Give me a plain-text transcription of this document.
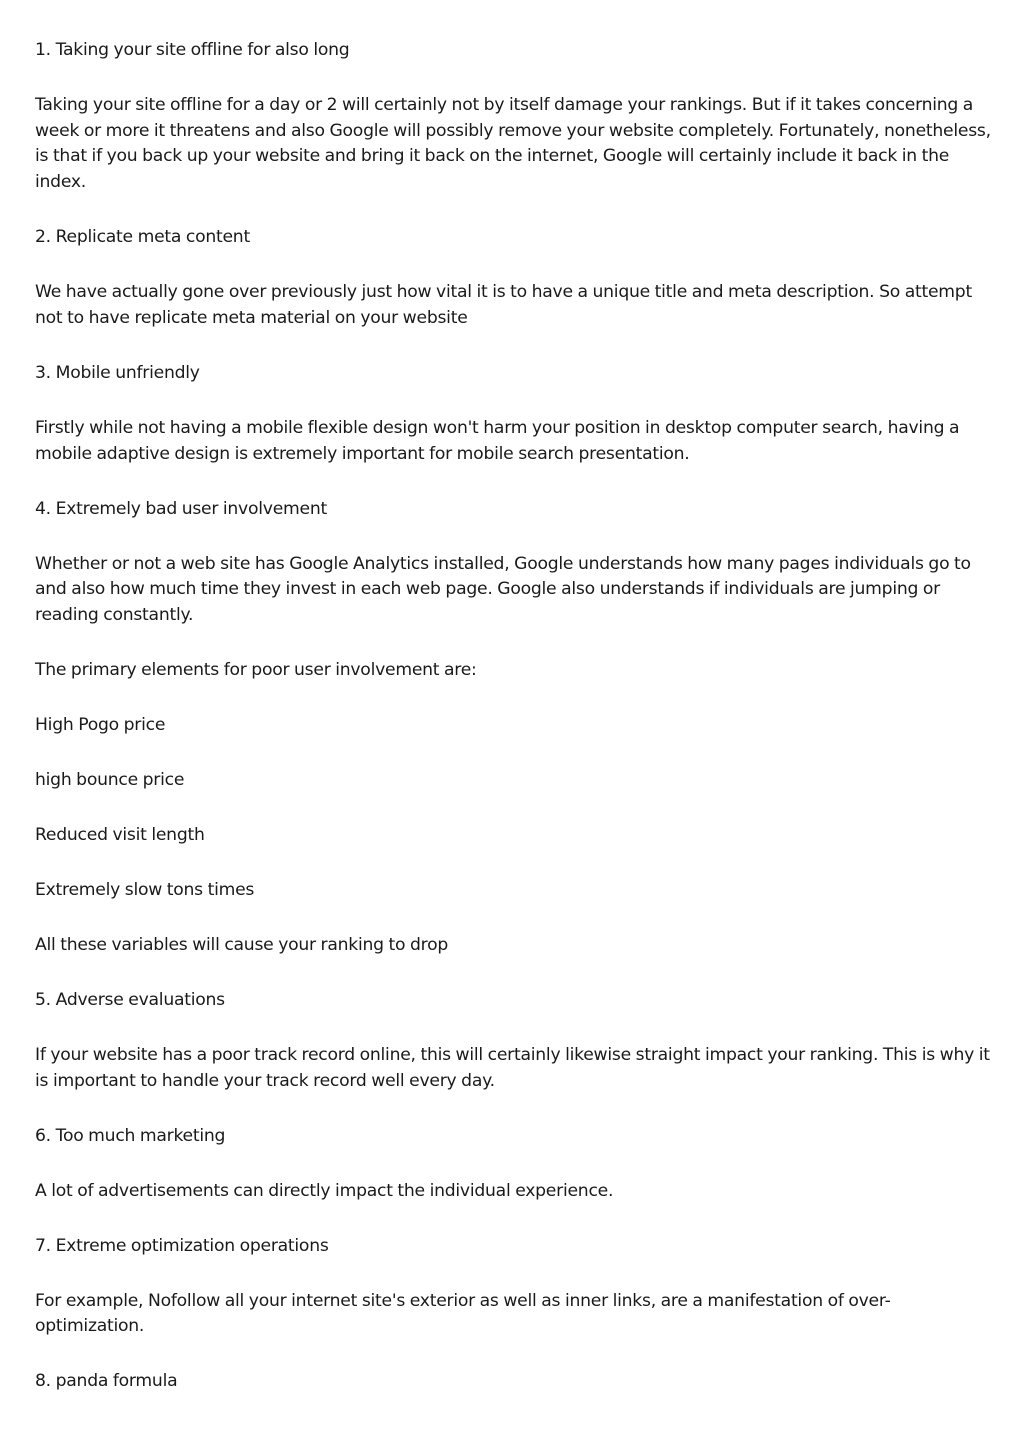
1. Taking your site offline for also long

Taking your site offline for a day or 2 will certainly not by itself damage your rankings. But if it takes concerning a week or more it threatens and also Google will possibly remove your website completely. Fortunately, nonetheless, is that if you back up your website and bring it back on the internet, Google will certainly include it back in the index.

2. Replicate meta content

We have actually gone over previously just how vital it is to have a unique title and meta description. So attempt not to have replicate meta material on your website

3. Mobile unfriendly

Firstly while not having a mobile flexible design won't harm your position in desktop computer search, having a mobile adaptive design is extremely important for mobile search presentation.

4. Extremely bad user involvement

Whether or not a web site has Google Analytics installed, Google understands how many pages individuals go to and also how much time they invest in each web page. Google also understands if individuals are jumping or reading constantly.

The primary elements for poor user involvement are:

High Pogo price

high bounce price

Reduced visit length

Extremely slow tons times

All these variables will cause your ranking to drop

5. Adverse evaluations

If your website has a poor track record online, this will certainly likewise straight impact your ranking. This is why it is important to handle your track record well every day.

6. Too much marketing

A lot of advertisements can directly impact the individual experience.

7. Extreme optimization operations

For example, Nofollow all your internet site's exterior as well as inner links, are a manifestation of over-optimization.

8. panda formula
